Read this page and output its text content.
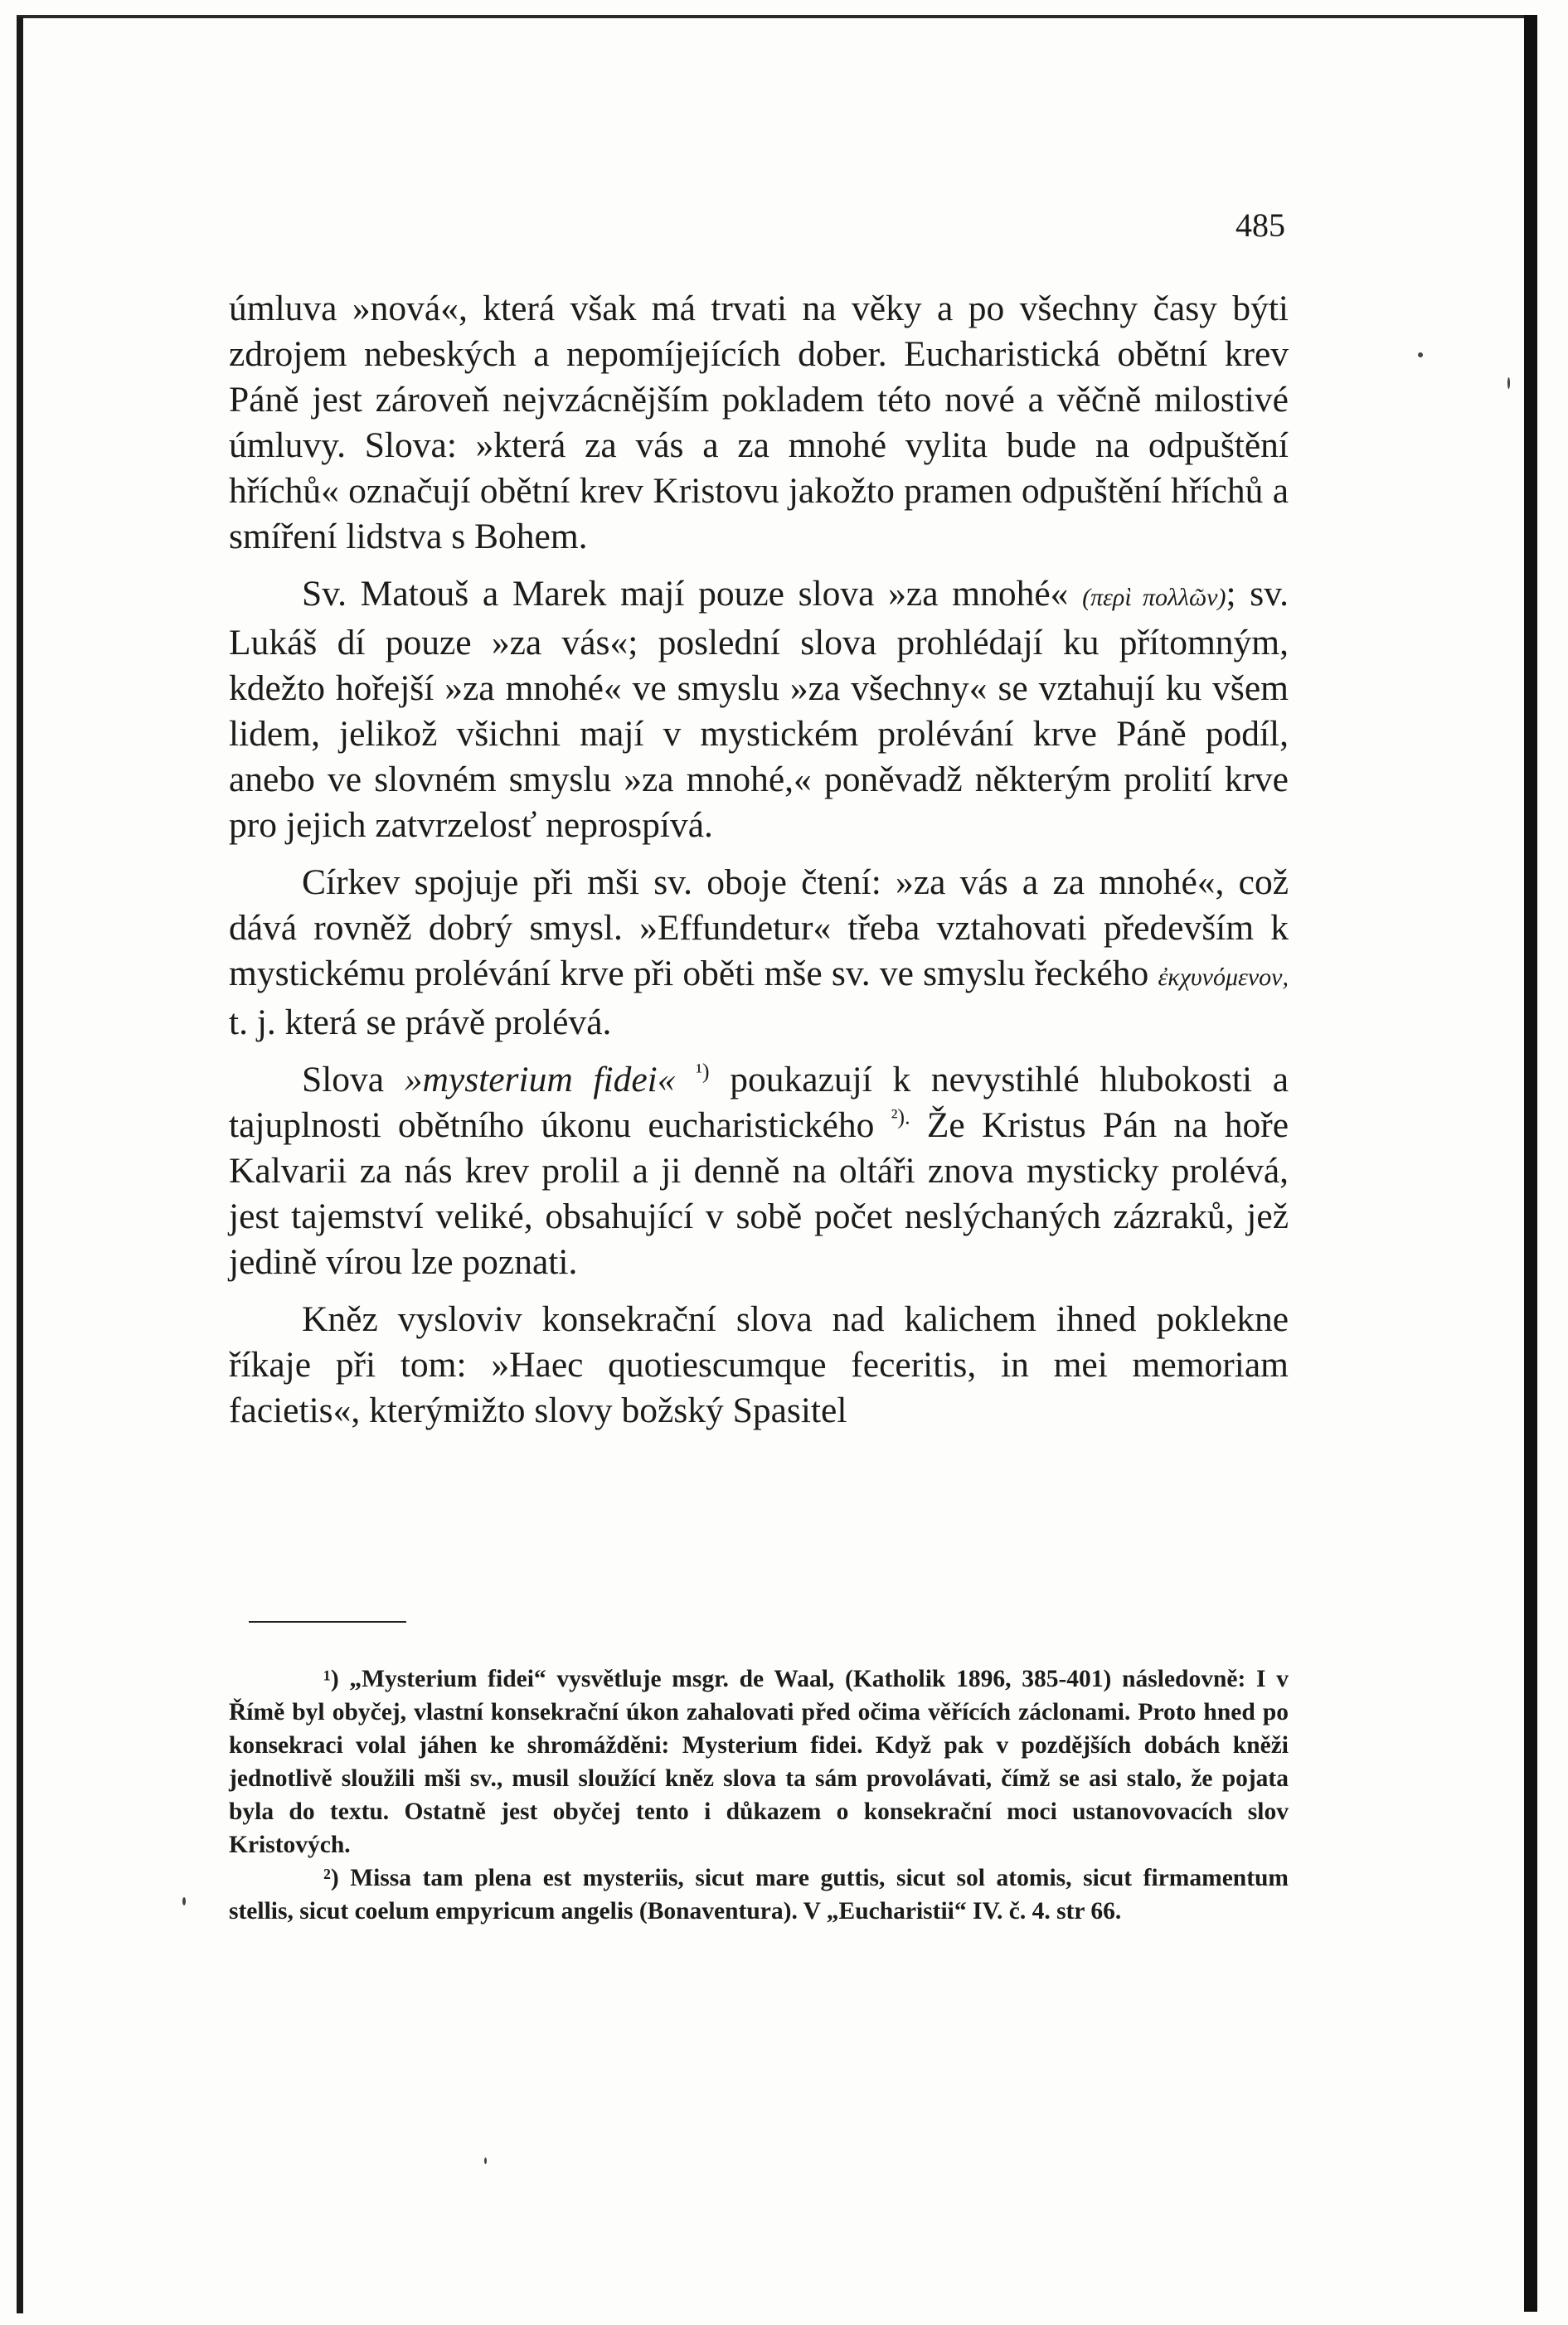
485

úmluva »nová«, která však má trvati na věky a po všechny časy býti zdrojem nebeských a nepomíjejících dober. Eucharistická obětní krev Páně jest zároveň nejvzácnějším pokladem této nové a věčně milostivé úmluvy. Slova: »která za vás a za mnohé vylita bude na odpuštění hříchů« označují obětní krev Kristovu jakožto pramen odpuštění hříchů a smíření lidstva s Bohem.

Sv. Matouš a Marek mají pouze slova »za mnohé« (περὶ πολλῶν); sv. Lukáš dí pouze »za vás«; poslední slova prohlédají ku přítomným, kdežto hořejší »za mnohé« ve smyslu »za všechny« se vztahují ku všem lidem, jelikož všichni mají v mystickém prolévání krve Páně podíl, anebo ve slovném smyslu »za mnohé,« poněvadž některým prolití krve pro jejich zatvrzelosť neprospívá.

Církev spojuje při mši sv. oboje čtení: »za vás a za mnohé«, což dává rovněž dobrý smysl. »Effundetur« třeba vztahovati především k mystickému prolévání krve při oběti mše sv. ve smyslu řeckého ἐκχυνόμενον, t. j. která se právě prolévá.

Slova »mysterium fidei« $^{^1)}$ poukazují k nevystihlé hlubokosti a tajuplnosti obětního úkonu eucharistického $^{^2).}$ Že Kristus Pán na hoře Kalvarii za nás krev prolil a ji denně na oltáři znova mysticky prolévá, jest tajemství veliké, obsahující v sobě počet neslýchaných zázraků, jež jedině vírou lze poznati.

Kněz vysloviv konsekrační slova nad kalichem ihned poklekne říkaje při tom: »Haec quotiescumque feceritis, in mei memoriam facietis«, kterýmižto slovy božský Spasitel

¹) „Mysterium fidei“ vysvětluje msgr. de Waal, (Katholik 1896, 385-401) následovně: I v Římě byl obyčej, vlastní konsekrační úkon zahalovati před očima věřících záclonami. Proto hned po konsekraci volal jáhen ke shromážděni: Mysterium fidei. Když pak v pozdějších dobách kněži jednotlivě sloužili mši sv., musil sloužící kněz slova ta sám provolávati, čímž se asi stalo, že pojata byla do textu. Ostatně jest obyčej tento i důkazem o konsekrační moci ustanovovacích slov Kristových.

²) Missa tam plena est mysteriis, sicut mare guttis, sicut sol atomis, sicut firmamentum stellis, sicut coelum empyricum angelis (Bonaventura). V „Eucharistii“ IV. č. 4. str 66.
